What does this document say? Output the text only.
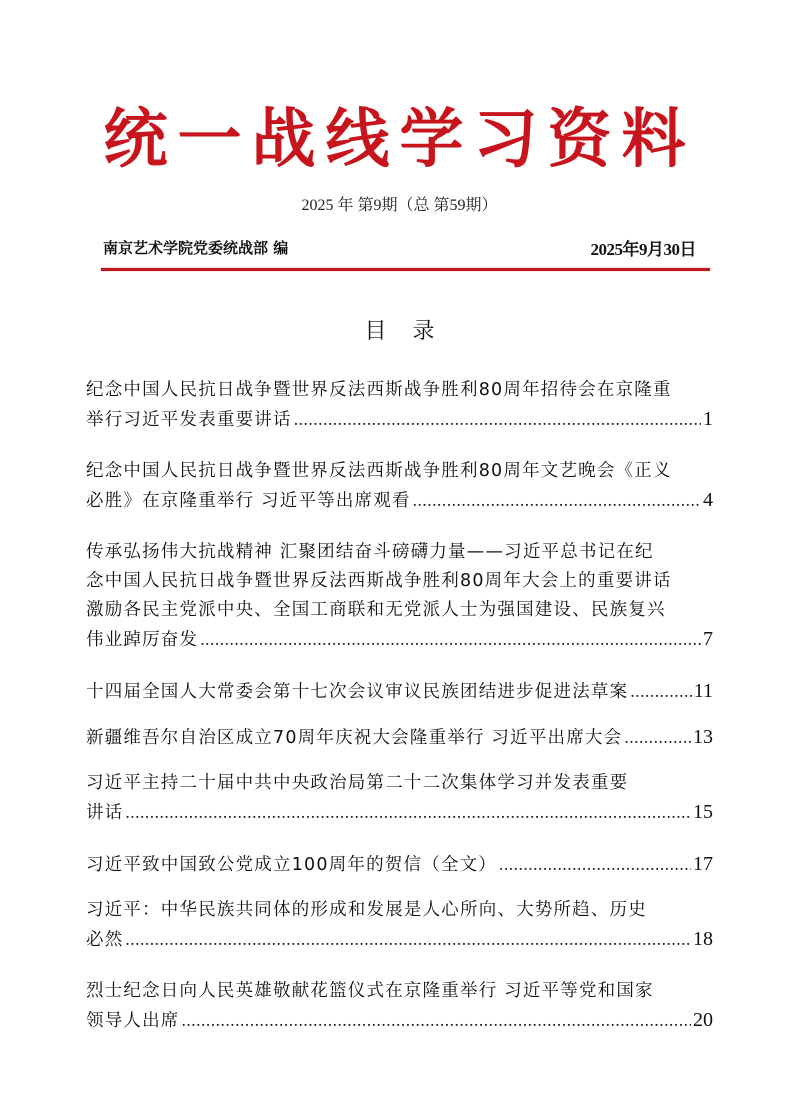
统一战线学习资料
2025 年 第9期（总 第59期）
南京艺术学院党委统战部 编	2025年9月30日
目录
纪念中国人民抗日战争暨世界反法西斯战争胜利80周年招待会在京隆重
举行习近平发表重要讲话 .....	1
纪念中国人民抗日战争暨世界反法西斯战争胜利80周年文艺晚会《正义
必胜》在京隆重举行 习近平等出席观看 .....	4
传承弘扬伟大抗战精神 汇聚团结奋斗磅礴力量——习近平总书记在纪
念中国人民抗日战争暨世界反法西斯战争胜利80周年大会上的重要讲话
激励各民主党派中央、全国工商联和无党派人士为强国建设、民族复兴
伟业踔厉奋发 .....	7
十四届全国人大常委会第十七次会议审议民族团结进步促进法草案 .....	11
新疆维吾尔自治区成立70周年庆祝大会隆重举行 习近平出席大会 .....	13
习近平主持二十届中共中央政治局第二十二次集体学习并发表重要
讲话 .....	15
习近平致中国致公党成立100周年的贺信（全文） .....	17
习近平：中华民族共同体的形成和发展是人心所向、大势所趋、历史
必然 .....	18
烈士纪念日向人民英雄敬献花篮仪式在京隆重举行 习近平等党和国家
领导人出席 .....	20
